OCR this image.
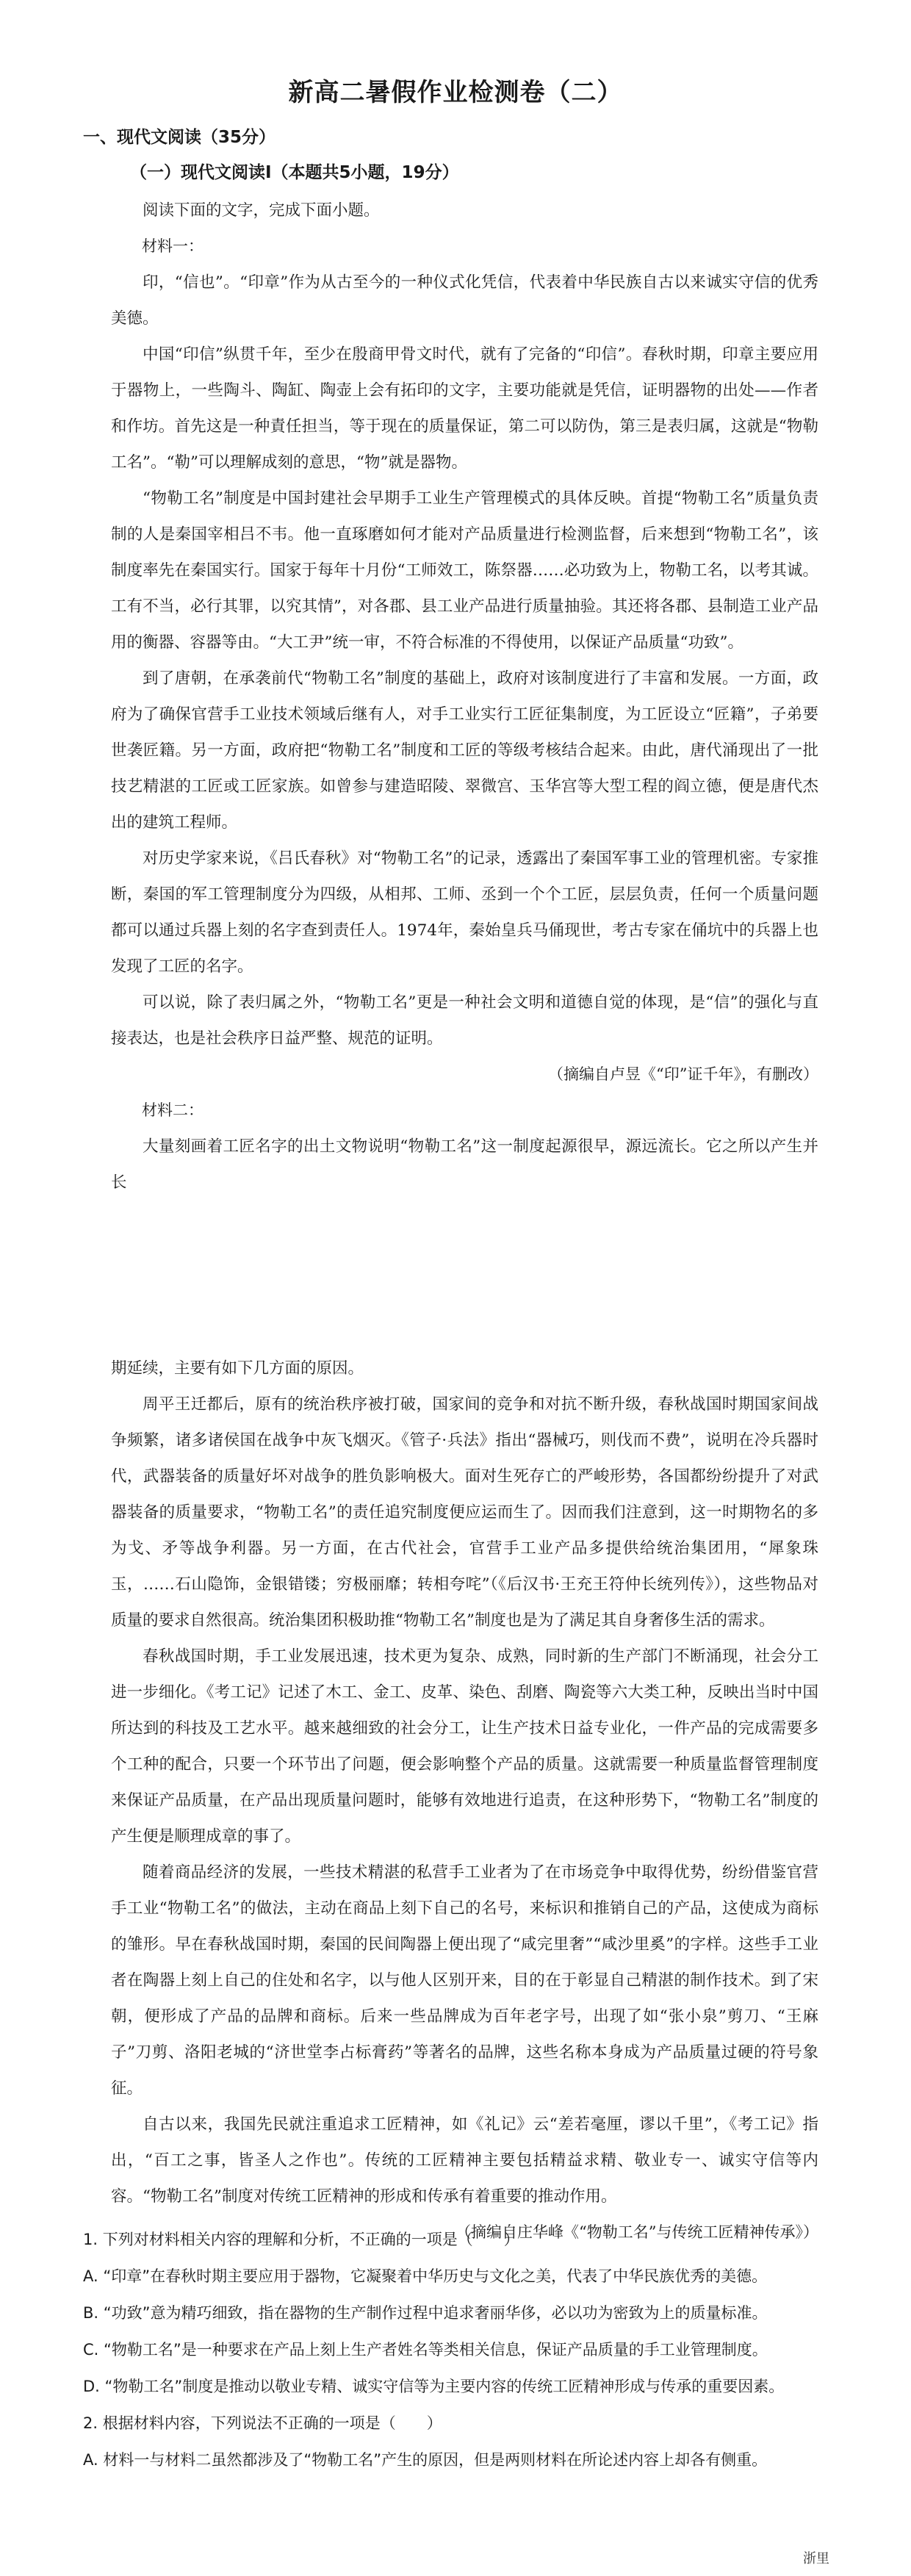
新高二暑假作业检测卷（二）
一、现代文阅读（35分）
（一）现代文阅读Ⅰ（本题共5小题，19分）

阅读下面的文字，完成下面小题。

材料一：

印，“信也”。“印章”作为从古至今的一种仪式化凭信，代表着中华民族自古以来诚实守信的优秀美德。

中国“印信”纵贯千年，至少在殷商甲骨文时代，就有了完备的“印信”。春秋时期，印章主要应用于器物上，一些陶斗、陶缸、陶壶上会有拓印的文字，主要功能就是凭信，证明器物的出处——作者和作坊。首先这是一种責任担当，等于现在的质量保证，第二可以防伪，第三是表归属，这就是“物勒工名”。“勒”可以理解成刻的意思，“物”就是器物。

“物勒工名”制度是中国封建社会早期手工业生产管理模式的具体反映。首提“物勒工名”质量负责制的人是秦国宰相吕不韦。他一直琢磨如何才能对产品质量进行检测监督，后来想到“物勒工名”，该制度率先在秦国实行。国家于每年十月份“工师效工，陈祭器……必功致为上，物勒工名，以考其诚。工有不当，必行其罪，以究其情”，对各郡、县工业产品进行质量抽验。其还将各郡、县制造工业产品用的衡器、容器等由。“大工尹”统一审，不符合标准的不得使用，以保证产品质量“功致”。

到了唐朝，在承袭前代“物勒工名”制度的基础上，政府对该制度进行了丰富和发展。一方面，政府为了确保官营手工业技术领域后继有人，对手工业实行工匠征集制度，为工匠设立“匠籍”，子弟要世袭匠籍。另一方面，政府把“物勒工名”制度和工匠的等级考核结合起来。由此，唐代涌现出了一批技艺精湛的工匠或工匠家族。如曾参与建造昭陵、翠微宫、玉华宫等大型工程的阎立德，便是唐代杰出的建筑工程师。

对历史学家来说，《吕氏春秋》对“物勒工名”的记录，透露出了秦国军事工业的管理机密。专家推断，秦国的军工管理制度分为四级，从相邦、工师、丞到一个个工匠，层层负责，任何一个质量问题都可以通过兵器上刻的名字查到责任人。1974年，秦始皇兵马俑现世，考古专家在俑坑中的兵器上也发现了工匠的名字。

可以说，除了表归属之外，“物勒工名”更是一种社会文明和道德自觉的体现，是“信”的强化与直接表达，也是社会秩序日益严整、规范的证明。

（摘编自卢昱《“印”证千年》，有删改）

材料二：

大量刻画着工匠名字的出土文物说明“物勒工名”这一制度起源很早，源远流长。它之所以产生并长

期延续，主要有如下几方面的原因。

周平王迁都后，原有的统治秩序被打破，国家间的竞争和对抗不断升级，春秋战国时期国家间战争频繁，诸多诸侯国在战争中灰飞烟灭。《管子·兵法》指出“器械巧，则伐而不费”，说明在冷兵器时代，武器装备的质量好坏对战争的胜负影响极大。面对生死存亡的严峻形势，各国都纷纷提升了对武器装备的质量要求，“物勒工名”的责任追究制度便应运而生了。因而我们注意到，这一时期物名的多为戈、矛等战争利器。另一方面，在古代社会，官营手工业产品多提供给统治集团用，“犀象珠玉，……石山隐饰，金银错镂；穷极丽靡；转相夸咤”（《后汉书·王充王符仲长统列传》），这些物品对质量的要求自然很高。统治集团积极助推“物勒工名”制度也是为了满足其自身奢侈生活的需求。

春秋战国时期，手工业发展迅速，技术更为复杂、成熟，同时新的生产部门不断涌现，社会分工进一步细化。《考工记》记述了木工、金工、皮革、染色、刮磨、陶瓷等六大类工种，反映出当时中国所达到的科技及工艺水平。越来越细致的社会分工，让生产技术日益专业化，一件产品的完成需要多个工种的配合，只要一个环节出了问题，便会影响整个产品的质量。这就需要一种质量监督管理制度来保证产品质量，在产品出现质量问题时，能够有效地进行追责，在这种形势下，“物勒工名”制度的产生便是顺理成章的事了。

随着商品经济的发展，一些技术精湛的私营手工业者为了在市场竞争中取得优势，纷纷借鉴官营手工业“物勒工名”的做法，主动在商品上刻下自己的名号，来标识和推销自己的产品，这使成为商标的雏形。早在春秋战国时期，秦国的民间陶器上便出现了“咸完里奢”“咸沙里奚”的字样。这些手工业者在陶器上刻上自己的住处和名字，以与他人区别开来，目的在于彰显自己精湛的制作技术。到了宋朝，便形成了产品的品牌和商标。后来一些品牌成为百年老字号，出现了如“张小泉”剪刀、“王麻子”刀剪、洛阳老城的“济世堂李占标膏药”等著名的品牌，这些名称本身成为产品质量过硬的符号象征。

自古以来，我国先民就注重追求工匠精神，如《礼记》云“差若毫厘，谬以千里”，《考工记》指出，“百工之事，皆圣人之作也”。传统的工匠精神主要包括精益求精、敬业专一、诚实守信等内容。“物勒工名”制度对传统工匠精神的形成和传承有着重要的推动作用。

（摘编自庄华峰《“物勒工名”与传统工匠精神传承》）

1. 下列对材料相关内容的理解和分析，不正确的一项是（　　）

A. “印章”在春秋时期主要应用于器物，它凝聚着中华历史与文化之美，代表了中华民族优秀的美德。

B. “功致”意为精巧细致，指在器物的生产制作过程中追求奢丽华侈，必以功为密致为上的质量标准。

C. “物勒工名”是一种要求在产品上刻上生产者姓名等类相关信息，保证产品质量的手工业管理制度。

D. “物勒工名”制度是推动以敬业专精、诚实守信等为主要内容的传统工匠精神形成与传承的重要因素。

2. 根据材料内容，下列说法不正确的一项是（　　）

A. 材料一与材料二虽然都涉及了“物勒工名”产生的原因，但是两则材料在所论述内容上却各有侧重。

浙里
